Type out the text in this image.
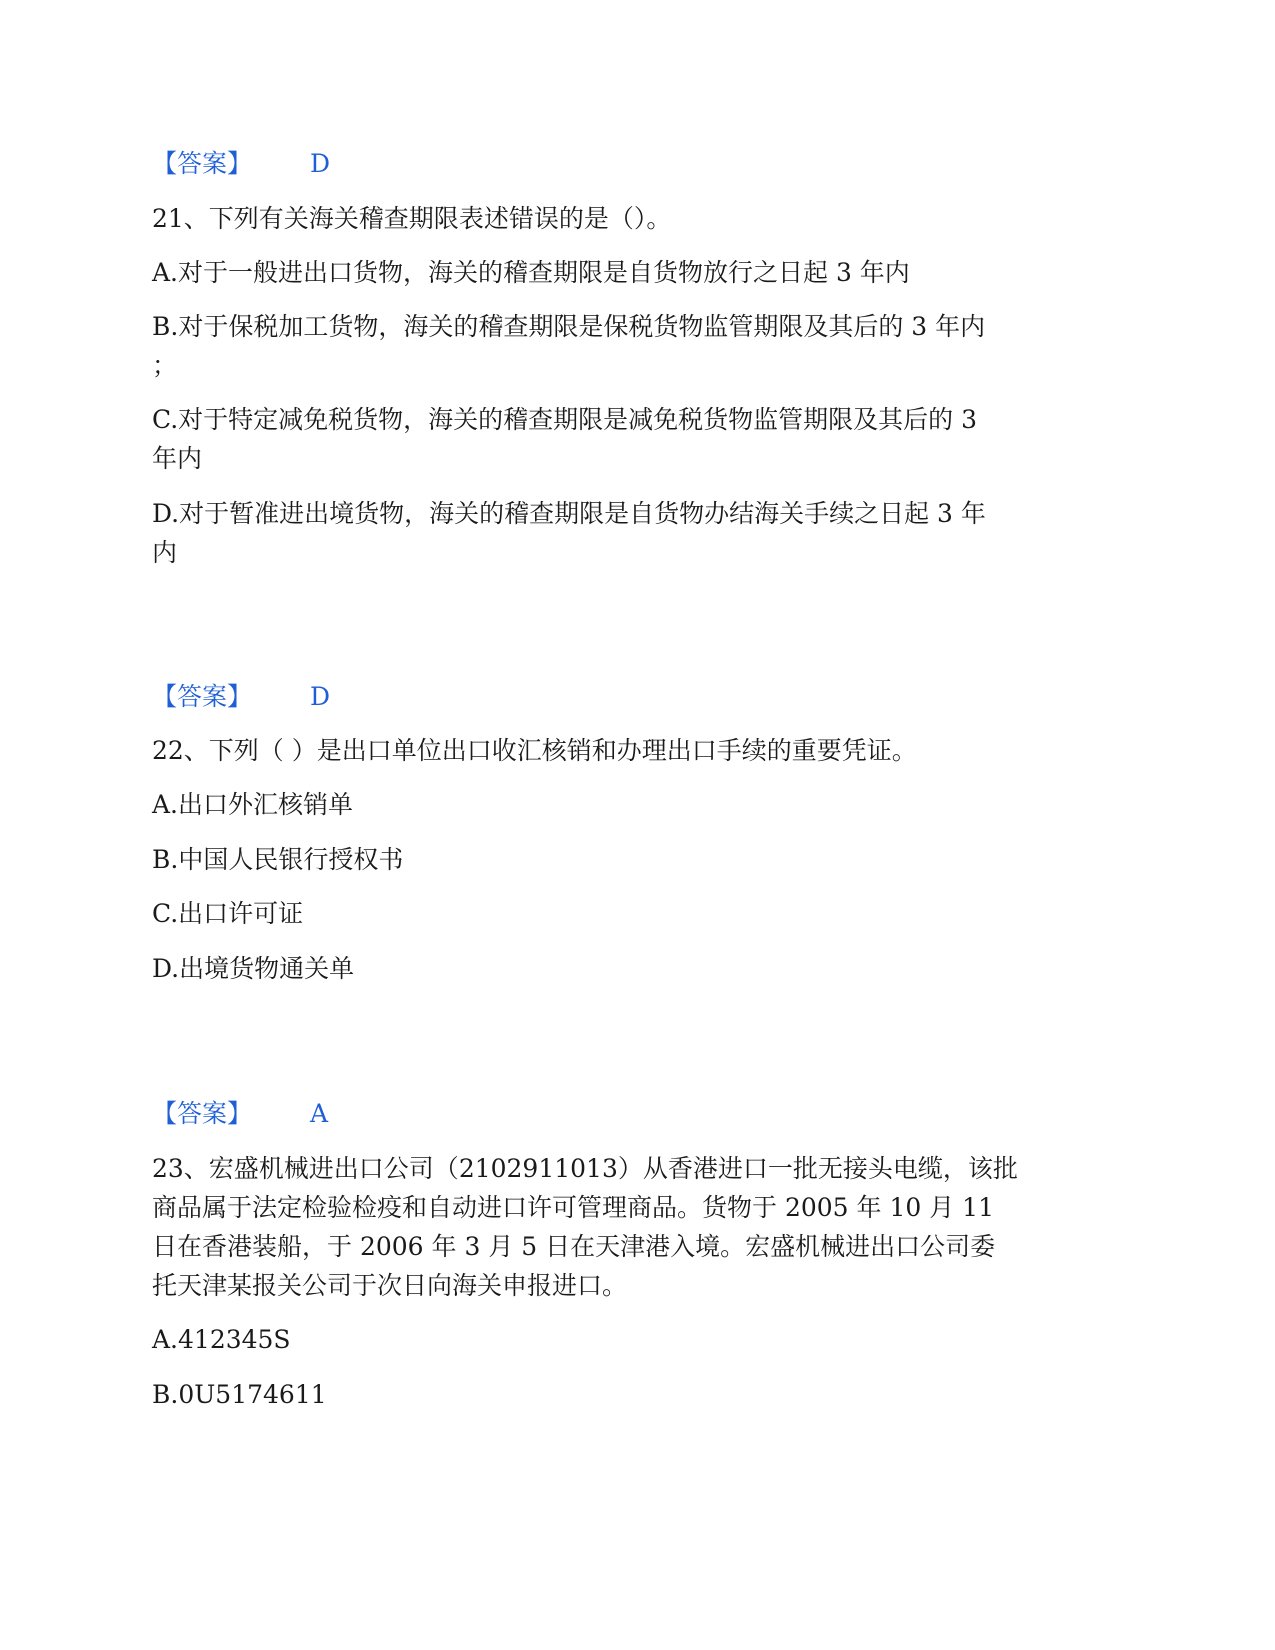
【答案】 D
21、下列有关海关稽查期限表述错误的是（）。
A.对于一般进出口货物，海关的稽查期限是自货物放行之日起 3 年内
B.对于保税加工货物，海关的稽查期限是保税货物监管期限及其后的 3 年内
；
C.对于特定减免税货物，海关的稽查期限是减免税货物监管期限及其后的 3
年内
D.对于暂准进出境货物，海关的稽查期限是自货物办结海关手续之日起 3 年
内
【答案】 D
22、下列（ ）是出口单位出口收汇核销和办理出口手续的重要凭证。
A.出口外汇核销单
B.中国人民银行授权书
C.出口许可证
D.出境货物通关单
【答案】 A
23、宏盛机械进出口公司（2102911013）从香港进口一批无接头电缆，该批
商品属于法定检验检疫和自动进口许可管理商品。货物于 2005 年 10 月 11
日在香港装船，于 2006 年 3 月 5 日在天津港入境。宏盛机械进出口公司委
托天津某报关公司于次日向海关申报进口。
A.412345S
B.0U5174611
